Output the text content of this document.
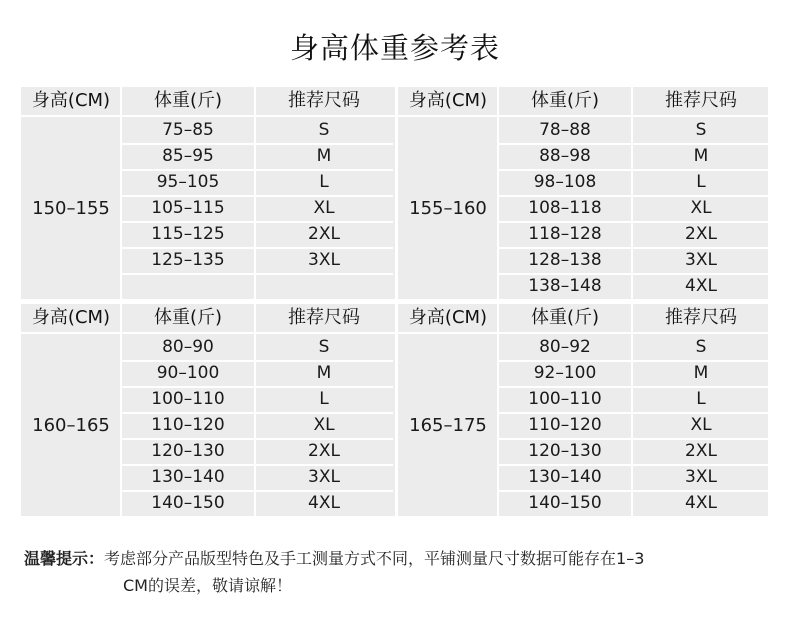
身高体重参考表
身高(CM)	体重(斤)	推荐尺码
150–155
75–85	S
85–95	M
95–105	L
105–115	XL
115–125	2XL
125–135	3XL
身高(CM)	体重(斤)	推荐尺码
155–160
78–88	S
88–98	M
98–108	L
108–118	XL
118–128	2XL
128–138	3XL
138–148	4XL
身高(CM)	体重(斤)	推荐尺码
160–165
80–90	S
90–100	M
100–110	L
110–120	XL
120–130	2XL
130–140	3XL
140–150	4XL
身高(CM)	体重(斤)	推荐尺码
165–175
80–92	S
92–100	M
100–110	L
110–120	XL
120–130	2XL
130–140	3XL
140–150	4XL
温馨提示：考虑部分产品版型特色及手工测量方式不同，平铺测量尺寸数据可能存在1–3
CM的误差，敬请谅解！
